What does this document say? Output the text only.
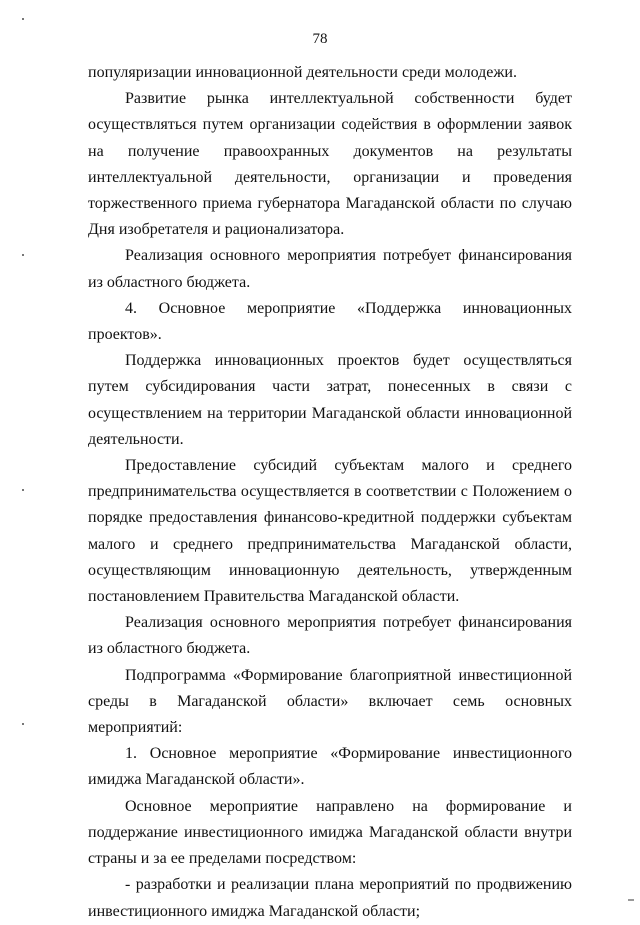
78

популяризации инновационной деятельности среди молодежи.

Развитие рынка интеллектуальной собственности будет осуществляться путем организации содействия в оформлении заявок на получение правоохранных документов на результаты интеллектуальной деятельности, организации и проведения торжественного приема губернатора Магаданской области по случаю Дня изобретателя и рационализатора.

Реализация основного мероприятия потребует финансирования из областного бюджета.

4. Основное мероприятие «Поддержка инновационных проектов».

Поддержка инновационных проектов будет осуществляться путем субсидирования части затрат, понесенных в связи с осуществлением на территории Магаданской области инновационной деятельности.

Предоставление субсидий субъектам малого и среднего предпринимательства осуществляется в соответствии с Положением о порядке предоставления финансово-кредитной поддержки субъектам малого и среднего предпринимательства Магаданской области, осуществляющим инновационную деятельность, утвержденным постановлением Правительства Магаданской области.

Реализация основного мероприятия потребует финансирования из областного бюджета.

Подпрограмма «Формирование благоприятной инвестиционной среды в Магаданской области» включает семь основных мероприятий:

1. Основное мероприятие «Формирование инвестиционного имиджа Магаданской области».

Основное мероприятие направлено на формирование и поддержание инвестиционного имиджа Магаданской области внутри страны и за ее пределами посредством:

- разработки и реализации плана мероприятий по продвижению инвестиционного имиджа Магаданской области;
